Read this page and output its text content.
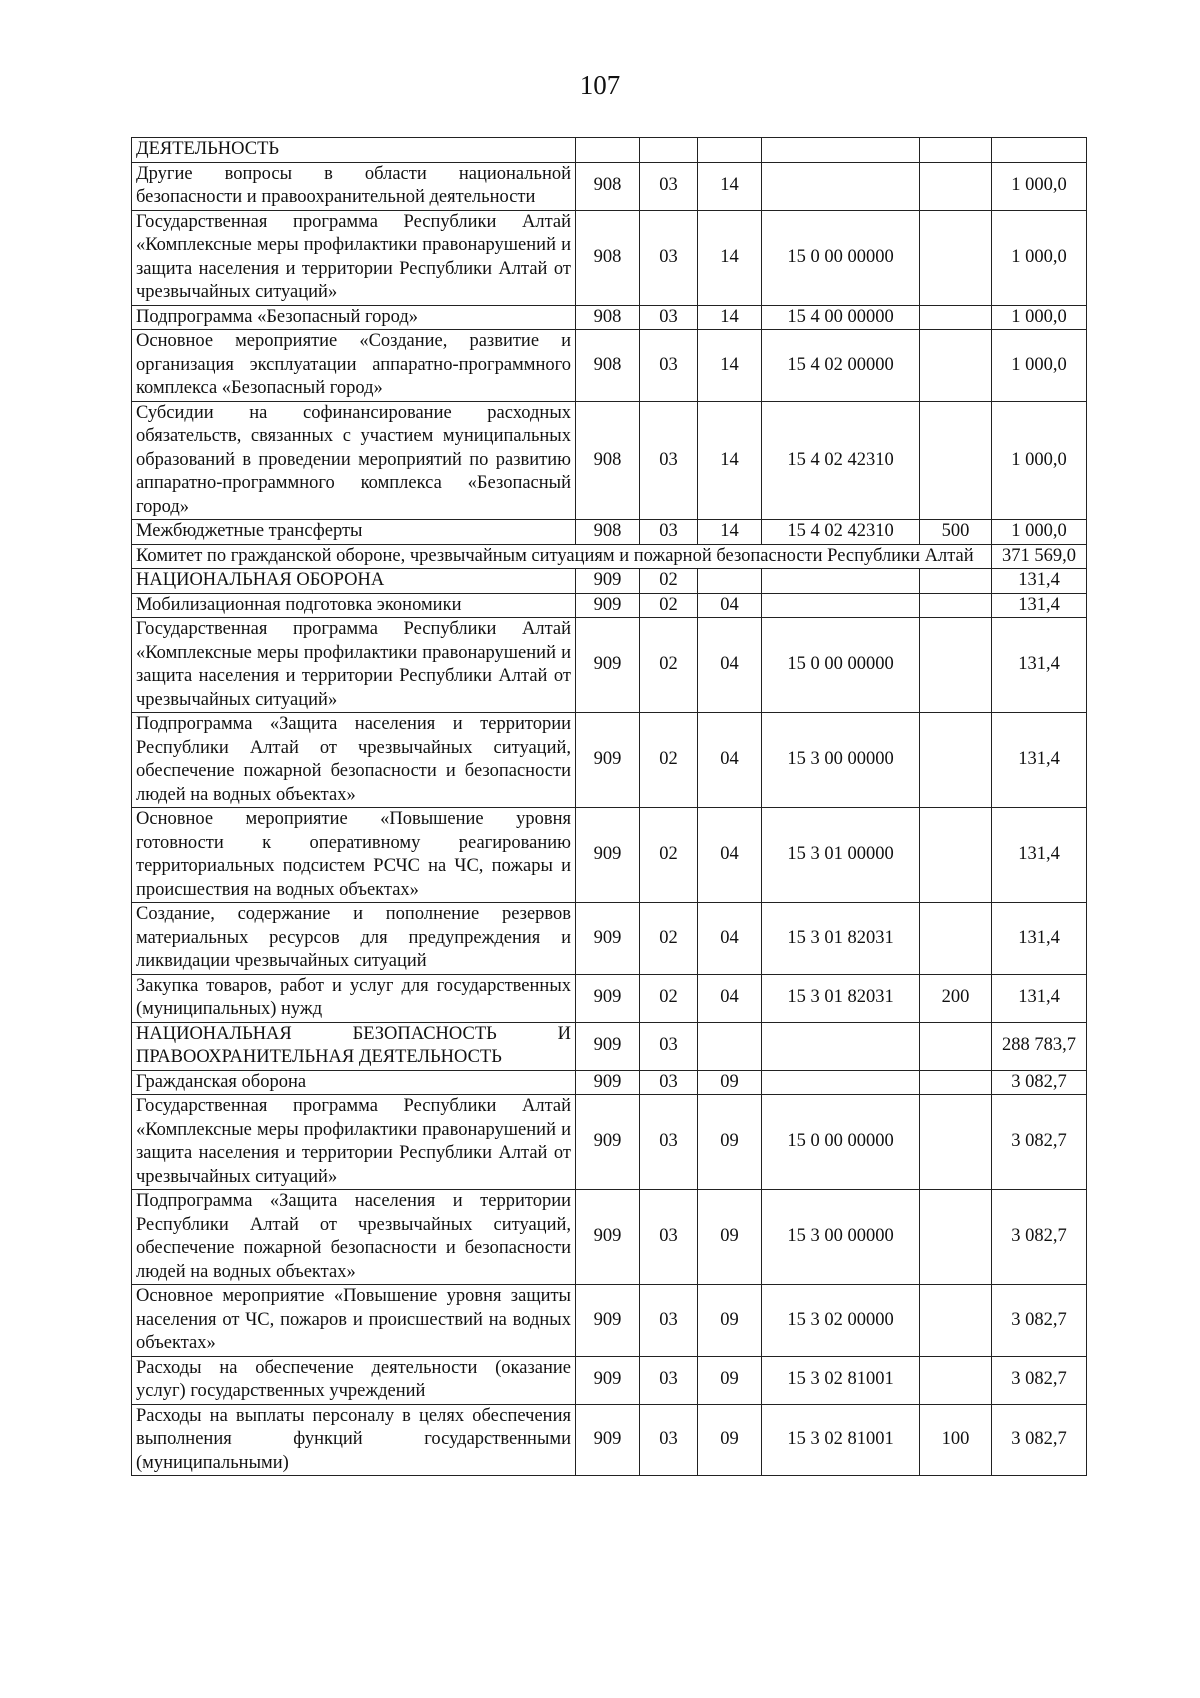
107
ДЕЯТЕЛЬНОСТЬ						
Другие вопросы в области национальной безопасности и правоохранительной деятельности	908	03	14			1 000,0
Государственная программа Республики Алтай «Комплексные меры профилактики правонарушений и защита населения и территории Республики Алтай от чрезвычайных ситуаций»	908	03	14	15 0 00 00000		1 000,0
Подпрограмма «Безопасный город»	908	03	14	15 4 00 00000		1 000,0
Основное мероприятие «Создание, развитие и организация эксплуатации аппаратно-программного комплекса «Безопасный город»	908	03	14	15 4 02 00000		1 000,0
Субсидии на софинансирование расходных обязательств, связанных с участием муниципальных образований в проведении мероприятий по развитию аппаратно-программного комплекса «Безопасный город»	908	03	14	15 4 02 42310		1 000,0
Межбюджетные трансферты	908	03	14	15 4 02 42310	500	1 000,0
Комитет по гражданской обороне, чрезвычайным ситуациям и пожарной безопасности Республики Алтай						371 569,0
НАЦИОНАЛЬНАЯ ОБОРОНА	909	02				131,4
Мобилизационная подготовка экономики	909	02	04			131,4
Государственная программа Республики Алтай «Комплексные меры профилактики правонарушений и защита населения и территории Республики Алтай от чрезвычайных ситуаций»	909	02	04	15 0 00 00000		131,4
Подпрограмма «Защита населения и территории Республики Алтай от чрезвычайных ситуаций, обеспечение пожарной безопасности и безопасности людей на водных объектах»	909	02	04	15 3 00 00000		131,4
Основное мероприятие «Повышение уровня готовности к оперативному реагированию территориальных подсистем РСЧС на ЧС, пожары и происшествия на водных объектах»	909	02	04	15 3 01 00000		131,4
Создание, содержание и пополнение резервов материальных ресурсов для предупреждения и ликвидации чрезвычайных ситуаций	909	02	04	15 3 01 82031		131,4
Закупка товаров, работ и услуг для государственных (муниципальных) нужд	909	02	04	15 3 01 82031	200	131,4
НАЦИОНАЛЬНАЯ БЕЗОПАСНОСТЬ И ПРАВООХРАНИТЕЛЬНАЯ ДЕЯТЕЛЬНОСТЬ	909	03				288 783,7
Гражданская оборона	909	03	09			3 082,7
Государственная программа Республики Алтай «Комплексные меры профилактики правонарушений и защита населения и территории Республики Алтай от чрезвычайных ситуаций»	909	03	09	15 0 00 00000		3 082,7
Подпрограмма «Защита населения и территории Республики Алтай от чрезвычайных ситуаций, обеспечение пожарной безопасности и безопасности людей на водных объектах»	909	03	09	15 3 00 00000		3 082,7
Основное мероприятие «Повышение уровня защиты населения от ЧС, пожаров и происшествий на водных объектах»	909	03	09	15 3 02 00000		3 082,7
Расходы на обеспечение деятельности (оказание услуг) государственных учреждений	909	03	09	15 3 02 81001		3 082,7
Расходы на выплаты персоналу в целях обеспечения выполнения функций государственными (муниципальными)	909	03	09	15 3 02 81001	100	3 082,7
